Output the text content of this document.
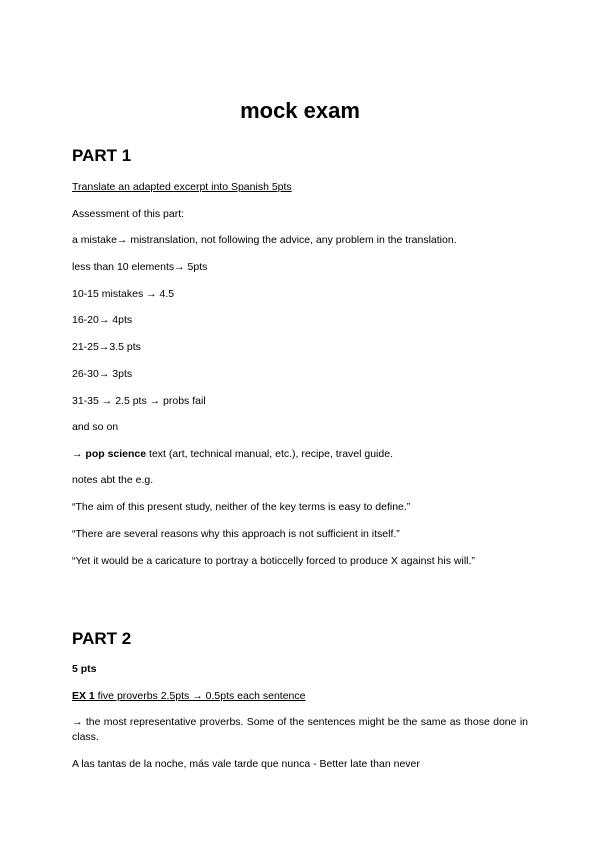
mock exam
PART 1

Translate an adapted excerpt into Spanish 5pts

Assessment of this part:

a mistake→ mistranslation, not following the advice, any problem in the translation.

less than 10 elements→ 5pts

10-15 mistakes → 4.5

16-20→ 4pts

21-25→3.5 pts

26-30→ 3pts

31-35 → 2.5 pts → probs fail

and so on

→ pop science text (art, technical manual, etc.), recipe, travel guide.

notes abt the e.g.

“The aim of this present study, neither of the key terms is easy to define.”

“There are several reasons why this approach is not sufficient in itself.”

“Yet it would be a caricature to portray a boticcelly forced to produce X against his will.”

PART 2

5 pts

EX 1 five proverbs 2.5pts → 0.5pts each sentence

→ the most representative proverbs. Some of the sentences might be the same as those done in class.

A las tantas de la noche, más vale tarde que nunca - Better late than never
